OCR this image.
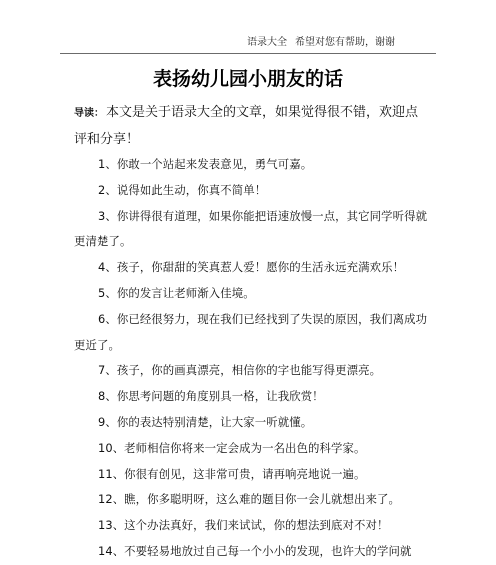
语录大全 希望对您有帮助，谢谢
表扬幼儿园小朋友的话
导读： 本文是关于语录大全的文章，如果觉得很不错，欢迎点评和分享！
1、你敢一个站起来发表意见，勇气可嘉。
2、说得如此生动，你真不简单！
3、你讲得很有道理，如果你能把语速放慢一点，其它同学听得就更清楚了。
4、孩子，你甜甜的笑真惹人爱！愿你的生活永远充满欢乐！
5、你的发言让老师渐入佳境。
6、你已经很努力，现在我们已经找到了失误的原因，我们离成功更近了。
7、孩子，你的画真漂亮，相信你的字也能写得更漂亮。
8、你思考问题的角度别具一格，让我欣赏！
9、你的表达特别清楚，让大家一听就懂。
10、老师相信你将来一定会成为一名出色的科学家。
11、你很有创见，这非常可贵，请再响亮地说一遍。
12、瞧，你多聪明呀，这么难的题目你一会儿就想出来了。
13、这个办法真好，我们来试试，你的想法到底对不对！
14、不要轻易地放过自己每一个小小的发现，也许大的学问就
